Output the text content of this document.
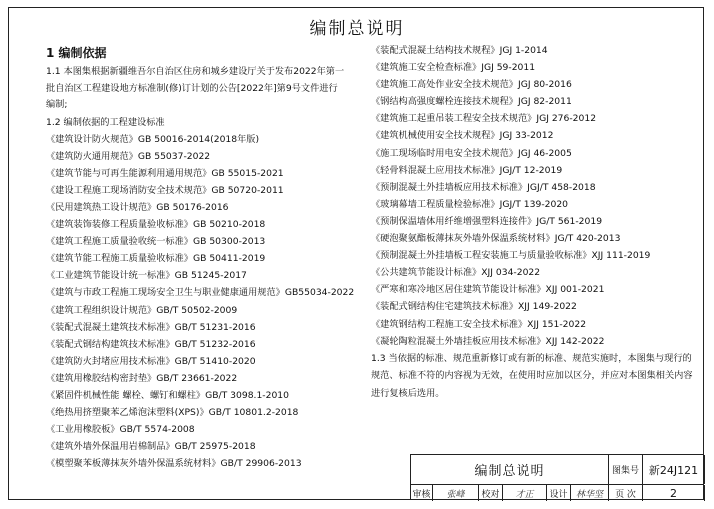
编制总说明
1 编制依据
1.1 本图集根据新疆维吾尔自治区住房和城乡建设厅关于发布2022年第一批自治区工程建设地方标准制(修)订计划的公告[2022年]第9号文件进行编制;
1.2 编制依据的工程建设标准
《建筑设计防火规范》GB 50016-2014(2018年版)
《建筑防火通用规范》GB 55037-2022
《建筑节能与可再生能源利用通用规范》GB 55015-2021
《建设工程施工现场消防安全技术规范》GB 50720-2011
《民用建筑热工设计规范》GB 50176-2016
《建筑装饰装修工程质量验收标准》GB 50210-2018
《建筑工程施工质量验收统一标准》GB 50300-2013
《建筑节能工程施工质量验收标准》GB 50411-2019
《工业建筑节能设计统一标准》GB 51245-2017
《建筑与市政工程施工现场安全卫生与职业健康通用规范》GB55034-2022
《建筑工程组织设计规范》GB/T 50502-2009
《装配式混凝土建筑技术标准》GB/T 51231-2016
《装配式钢结构建筑技术标准》GB/T 51232-2016
《建筑防火封堵应用技术标准》GB/T 51410-2020
《建筑用橡胶结构密封垫》GB/T 23661-2022
《紧固件机械性能 螺栓、螺钉和螺柱》GB/T 3098.1-2010
《绝热用挤塑聚苯乙烯泡沫塑料(XPS)》GB/T 10801.2-2018
《工业用橡胶板》GB/T 5574-2008
《建筑外墙外保温用岩棉制品》GB/T 25975-2018
《模塑聚苯板薄抹灰外墙外保温系统材料》GB/T 29906-2013
《装配式混凝土结构技术规程》JGJ 1-2014
《建筑施工安全检查标准》JGJ 59-2011
《建筑施工高处作业安全技术规范》JGJ 80-2016
《钢结构高强度螺栓连接技术规程》JGJ 82-2011
《建筑施工起重吊装工程安全技术规范》JGJ 276-2012
《建筑机械使用安全技术规程》JGJ 33-2012
《施工现场临时用电安全技术规范》JGJ 46-2005
《轻骨料混凝土应用技术标准》JGJ/T 12-2019
《预制混凝土外挂墙板应用技术标准》JGJ/T 458-2018
《玻璃幕墙工程质量检验标准》JGJ/T 139-2020
《预制保温墙体用纤维增强塑料连接件》JG/T 561-2019
《硬泡聚氨酯板薄抹灰外墙外保温系统材料》JG/T 420-2013
《预制混凝土外挂墙板工程安装施工与质量验收标准》XJJ 111-2019
《公共建筑节能设计标准》XJJ 034-2022
《严寒和寒冷地区居住建筑节能设计标准》XJJ 001-2021
《装配式钢结构住宅建筑技术标准》XJJ 149-2022
《建筑钢结构工程施工安全技术标准》XJJ 151-2022
《凝轮陶粒混凝土外墙挂板应用技术标准》XJJ 142-2022
1.3 当依据的标准、规范重新修订或有新的标准、规范实施时，本图集与现行的规范、标准不符的内容视为无效，在使用时应加以区分，并应对本图集相关内容进行复核后选用。
编制总说明	图集号 新24J121
审核	张峰	校对	才正	设计 林华坚	页 次	2
